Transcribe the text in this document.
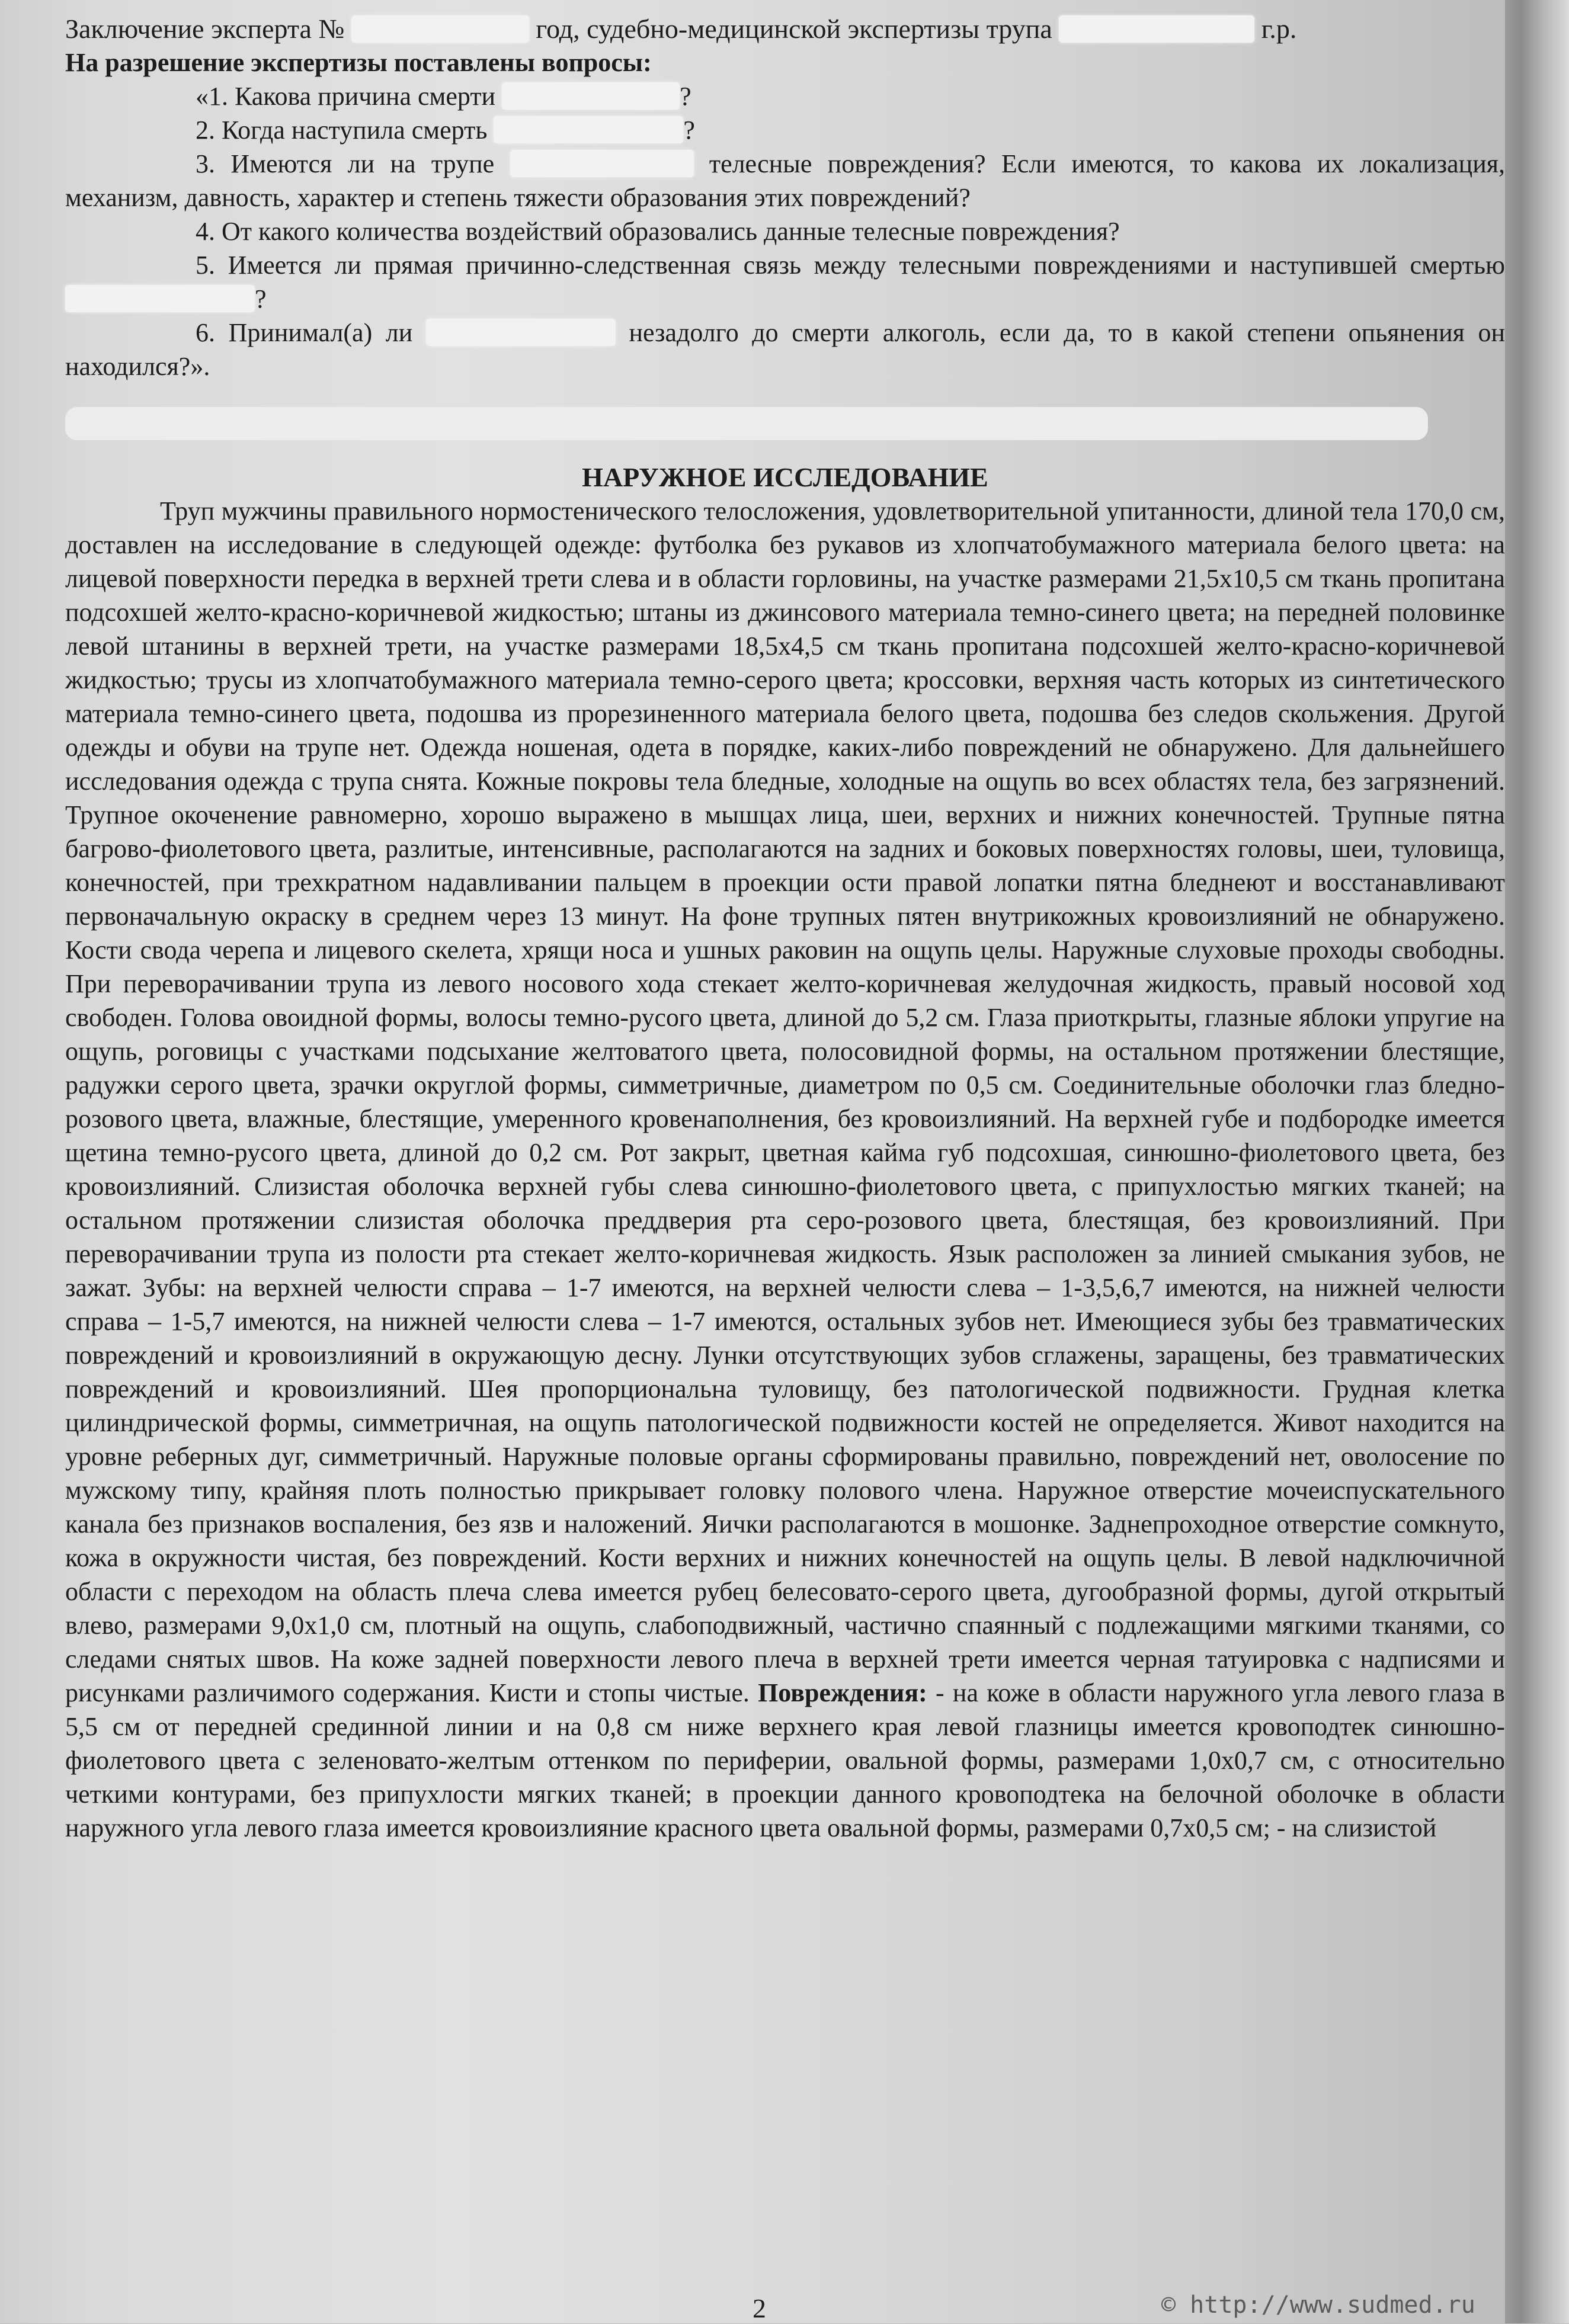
Заключение эксперта №	год, судебно-медицинской экспертизы трупа	г.р.

На разрешение экспертизы поставлены вопросы:

«1. Какова причина смерти	?

2. Когда наступила смерть	?

3. Имеются ли на трупе	телесные повреждения? Если имеются, то какова их локализация, механизм, давность, характер и степень тяжести образования этих повреждений?

4. От какого количества воздействий образовались данные телесные повреждения?

5. Имеется ли прямая причинно-следственная связь между телесными повреждениями и наступившей смертью ?

6. Принимал(а) ли	незадолго до смерти алкоголь, если да, то в какой степени опьянения он находился?».

НАРУЖНОЕ ИССЛЕДОВАНИЕ

Труп мужчины правильного нормостенического телосложения, удовлетворительной упитанности, длиной тела 170,0 см, доставлен на исследование в следующей одежде: футболка без рукавов из хлопчатобумажного материала белого цвета: на лицевой поверхности передка в верхней трети слева и в области горловины, на участке размерами 21,5x10,5 см ткань пропитана подсохшей желто-красно-коричневой жидкостью; штаны из джинсового материала темно-синего цвета; на передней половинке левой штанины в верхней трети, на участке размерами 18,5x4,5 см ткань пропитана подсохшей желто-красно-коричневой жидкостью; трусы из хлопчатобумажного материала темно-серого цвета; кроссовки, верхняя часть которых из синтетического материала темно-синего цвета, подошва из прорезиненного материала белого цвета, подошва без следов скольжения. Другой одежды и обуви на трупе нет. Одежда ношеная, одета в порядке, каких-либо повреждений не обнаружено. Для дальнейшего исследования одежда с трупа снята. Кожные покровы тела бледные, холодные на ощупь во всех областях тела, без загрязнений. Трупное окоченение равномерно, хорошо выражено в мышцах лица, шеи, верхних и нижних конечностей. Трупные пятна багрово-фиолетового цвета, разлитые, интенсивные, располагаются на задних и боковых поверхностях головы, шеи, туловища, конечностей, при трехкратном надавливании пальцем в проекции ости правой лопатки пятна бледнеют и восстанавливают первоначальную окраску в среднем через 13 минут. На фоне трупных пятен внутрикожных кровоизлияний не обнаружено. Кости свода черепа и лицевого скелета, хрящи носа и ушных раковин на ощупь целы. Наружные слуховые проходы свободны. При переворачивании трупа из левого носового хода стекает желто-коричневая желудочная жидкость, правый носовой ход свободен. Голова овоидной формы, волосы темно-русого цвета, длиной до 5,2 см. Глаза приоткрыты, глазные яблоки упругие на ощупь, роговицы с участками подсыхание желтоватого цвета, полосовидной формы, на остальном протяжении блестящие, радужки серого цвета, зрачки округлой формы, симметричные, диаметром по 0,5 см. Соединительные оболочки глаз бледно-розового цвета, влажные, блестящие, умеренного кровенаполнения, без кровоизлияний. На верхней губе и подбородке имеется щетина темно-русого цвета, длиной до 0,2 см. Рот закрыт, цветная кайма губ подсохшая, синюшно-фиолетового цвета, без кровоизлияний. Слизистая оболочка верхней губы слева синюшно-фиолетового цвета, с припухлостью мягких тканей; на остальном протяжении слизистая оболочка преддверия рта серо-розового цвета, блестящая, без кровоизлияний. При переворачивании трупа из полости рта стекает желто-коричневая жидкость. Язык расположен за линией смыкания зубов, не зажат. Зубы: на верхней челюсти справа – 1-7 имеются, на верхней челюсти слева – 1-3,5,6,7 имеются, на нижней челюсти справа – 1-5,7 имеются, на нижней челюсти слева – 1-7 имеются, остальных зубов нет. Имеющиеся зубы без травматических повреждений и кровоизлияний в окружающую десну. Лунки отсутствующих зубов сглажены, заращены, без травматических повреждений и кровоизлияний. Шея пропорциональна туловищу, без патологической подвижности. Грудная клетка цилиндрической формы, симметричная, на ощупь патологической подвижности костей не определяется. Живот находится на уровне реберных дуг, симметричный. Наружные половые органы сформированы правильно, повреждений нет, оволосение по мужскому типу, крайняя плоть полностью прикрывает головку полового члена. Наружное отверстие мочеиспускательного канала без признаков воспаления, без язв и наложений. Яички располагаются в мошонке. Заднепроходное отверстие сомкнуто, кожа в окружности чистая, без повреждений. Кости верхних и нижних конечностей на ощупь целы. В левой надключичной области с переходом на область плеча слева имеется рубец белесовато-серого цвета, дугообразной формы, дугой открытый влево, размерами 9,0x1,0 см, плотный на ощупь, слабоподвижный, частично спаянный с подлежащими мягкими тканями, со следами снятых швов. На коже задней поверхности левого плеча в верхней трети имеется черная татуировка с надписями и рисунками различимого содержания. Кисти и стопы чистые. Повреждения: - на коже в области наружного угла левого глаза в 5,5 см от передней срединной линии и на 0,8 см ниже верхнего края левой глазницы имеется кровоподтек синюшно-фиолетового цвета с зеленовато-желтым оттенком по периферии, овальной формы, размерами 1,0x0,7 см, с относительно четкими контурами, без припухлости мягких тканей; в проекции данного кровоподтека на белочной оболочке в области наружного угла левого глаза имеется кровоизлияние красного цвета овальной формы, размерами 0,7x0,5 см; - на слизистой

2	© http://www.sudmed.ru
